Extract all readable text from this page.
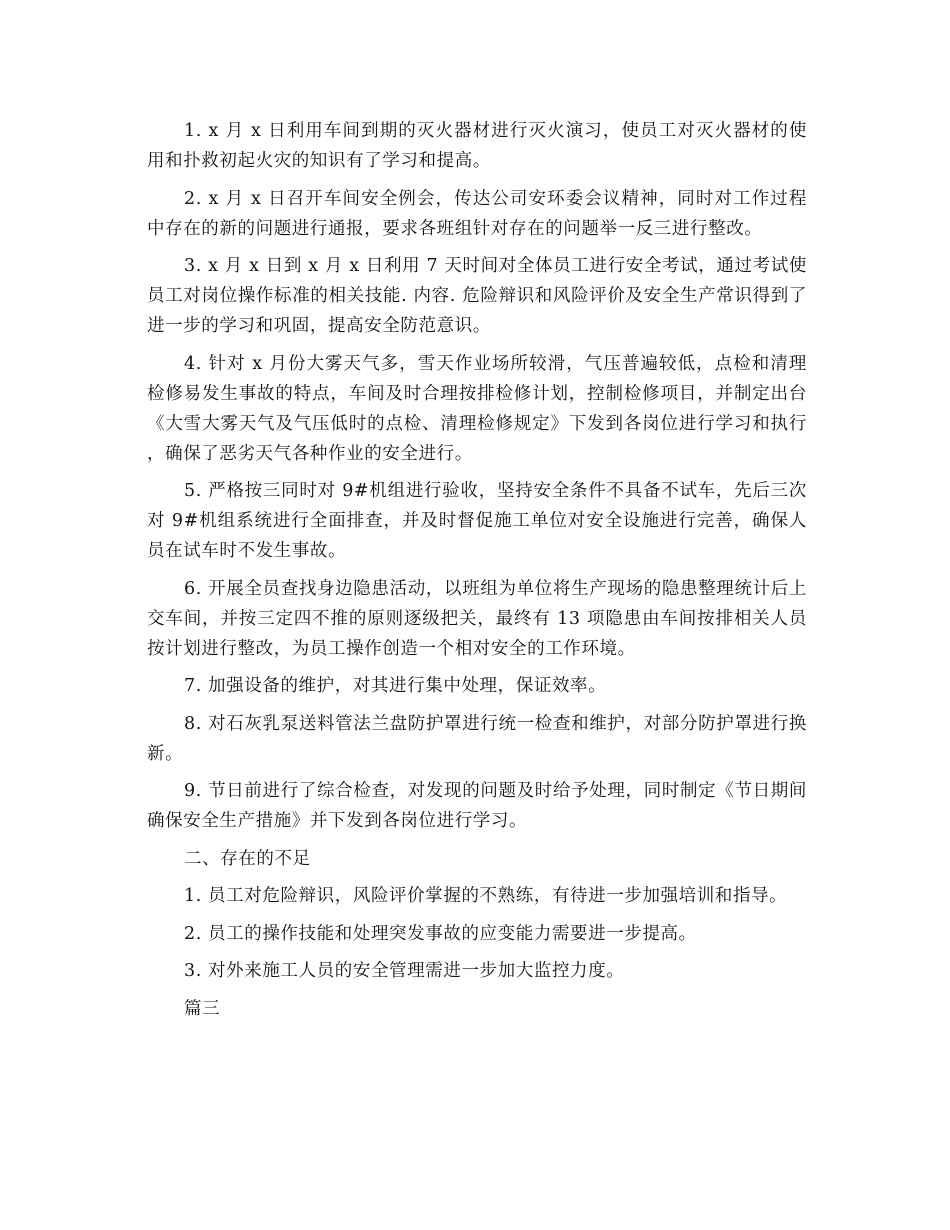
1. x 月 x 日利用车间到期的灭火器材进行灭火演习，使员工对灭火器材的使用和扑救初起火灾的知识有了学习和提高。

2. x 月 x 日召开车间安全例会，传达公司安环委会议精神，同时对工作过程中存在的新的问题进行通报，要求各班组针对存在的问题举一反三进行整改。

3. x 月 x 日到 x 月 x 日利用 7 天时间对全体员工进行安全考试，通过考试使员工对岗位操作标准的相关技能. 内容. 危险辩识和风险评价及安全生产常识得到了进一步的学习和巩固，提高安全防范意识。

4. 针对 x 月份大雾天气多，雪天作业场所较滑，气压普遍较低，点检和清理检修易发生事故的特点，车间及时合理按排检修计划，控制检修项目，并制定出台《大雪大雾天气及气压低时的点检、清理检修规定》下发到各岗位进行学习和执行，确保了恶劣天气各种作业的安全进行。

5. 严格按三同时对 9#机组进行验收，坚持安全条件不具备不试车，先后三次对 9#机组系统进行全面排查，并及时督促施工单位对安全设施进行完善，确保人员在试车时不发生事故。

6. 开展全员查找身边隐患活动，以班组为单位将生产现场的隐患整理统计后上交车间，并按三定四不推的原则逐级把关，最终有 13 项隐患由车间按排相关人员按计划进行整改，为员工操作创造一个相对安全的工作环境。

7. 加强设备的维护，对其进行集中处理，保证效率。

8. 对石灰乳泵送料管法兰盘防护罩进行统一检查和维护，对部分防护罩进行换新。

9. 节日前进行了综合检查，对发现的问题及时给予处理，同时制定《节日期间确保安全生产措施》并下发到各岗位进行学习。

二、存在的不足

1. 员工对危险辩识，风险评价掌握的不熟练，有待进一步加强培训和指导。

2. 员工的操作技能和处理突发事故的应变能力需要进一步提高。

3. 对外来施工人员的安全管理需进一步加大监控力度。

篇三
